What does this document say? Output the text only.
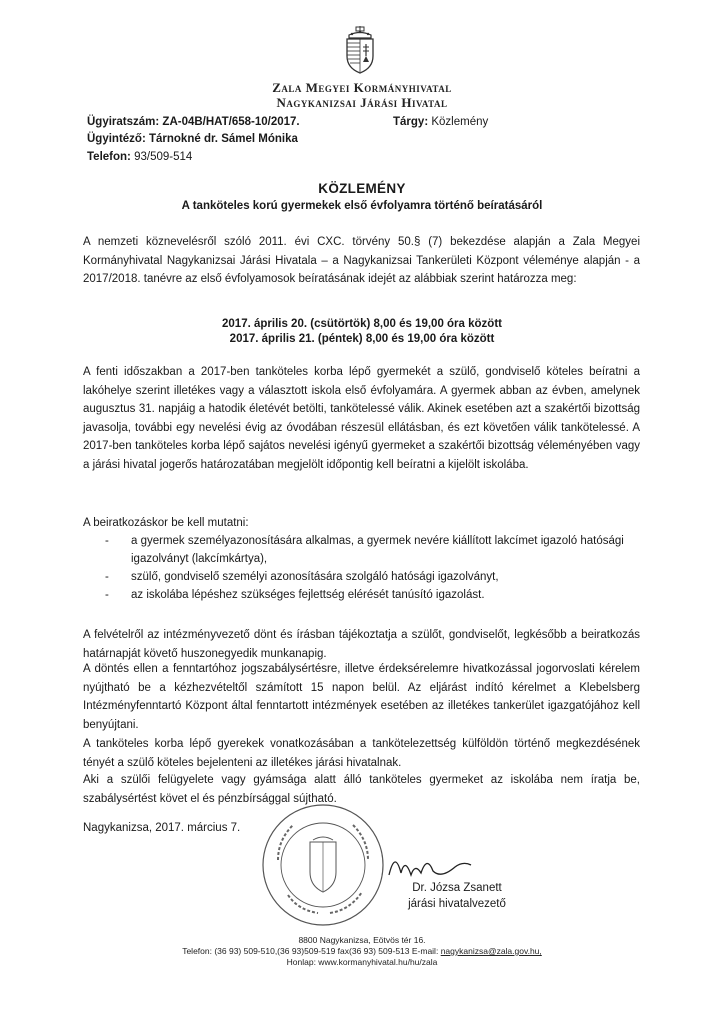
Zala Megyei Kormányhivatal
Nagykanizsai Járási Hivatal
Ügyiratszám: ZA-04B/HAT/658-10/2017.	Tárgy: Közlemény
Ügyintéző: Tárnokné dr. Sámel Mónika
Telefon: 93/509-514
KÖZLEMÉNY
A tanköteles korú gyermekek első évfolyamra történő beíratásáról
A nemzeti köznevelésről szóló 2011. évi CXC. törvény 50.§ (7) bekezdése alapján a Zala Megyei Kormányhivatal Nagykanizsai Járási Hivatala – a Nagykanizsai Tankerületi Központ véleménye alapján - a 2017/2018. tanévre az első évfolyamosok beíratásának idejét az alábbiak szerint határozza meg:
2017. április 20. (csütörtök) 8,00 és 19,00 óra között
2017. április 21. (péntek) 8,00 és 19,00 óra között
A fenti időszakban a 2017-ben tanköteles korba lépő gyermekét a szülő, gondviselő köteles beíratni a lakóhelye szerint illetékes vagy a választott iskola első évfolyamára. A gyermek abban az évben, amelynek augusztus 31. napjáig a hatodik életévét betölti, tankötelessé válik. Akinek esetében azt a szakértői bizottság javasolja, további egy nevelési évig az óvodában részesül ellátásban, és ezt követően válik tankötelessé. A 2017-ben tanköteles korba lépő sajátos nevelési igényű gyermeket a szakértői bizottság véleményében vagy a járási hivatal jogerős határozatában megjelölt időpontig kell beíratni a kijelölt iskolába.
A beiratkozáskor be kell mutatni:
- a gyermek személyazonosítására alkalmas, a gyermek nevére kiállított lakcímet igazoló hatósági igazolványt (lakcímkártya),
- szülő, gondviselő személyi azonosítására szolgáló hatósági igazolványt,
- az iskolába lépéshez szükséges fejlettség elérését tanúsító igazolást.
A felvételről az intézményvezető dönt és írásban tájékoztatja a szülőt, gondviselőt, legkésőbb a beiratkozás határnapját követő huszonegyedik munkanapig.
A döntés ellen a fenntartóhoz jogszabálysértésre, illetve érdeksérelemre hivatkozással jogorvoslati kérelem nyújtható be a kézhezvételtől számított 15 napon belül. Az eljárást indító kérelmet a Klebelsberg Intézményfenntartó Központ által fenntartott intézmények esetében az illetékes tankerület igazgatójához kell benyújtani.
A tanköteles korba lépő gyerekek vonatkozásában a tankötelezettség külföldön történő megkezdésének tényét a szülő köteles bejelenteni az illetékes járási hivatalnak.
Aki a szülői felügyelete vagy gyámsága alatt álló tanköteles gyermeket az iskolába nem íratja be, szabálysértést követ el és pénzbírsággal sújtható.
Nagykanizsa, 2017. március 7.
Dr. Józsa Zsanett
járási hivatalvezető
8800 Nagykanizsa, Eötvös tér 16.
Telefon: (36 93) 509-510,(36 93)509-519 fax(36 93) 509-513 E-mail: nagykanizsa@zala.gov.hu,
Honlap: www.kormanyhivatal.hu/hu/zala
